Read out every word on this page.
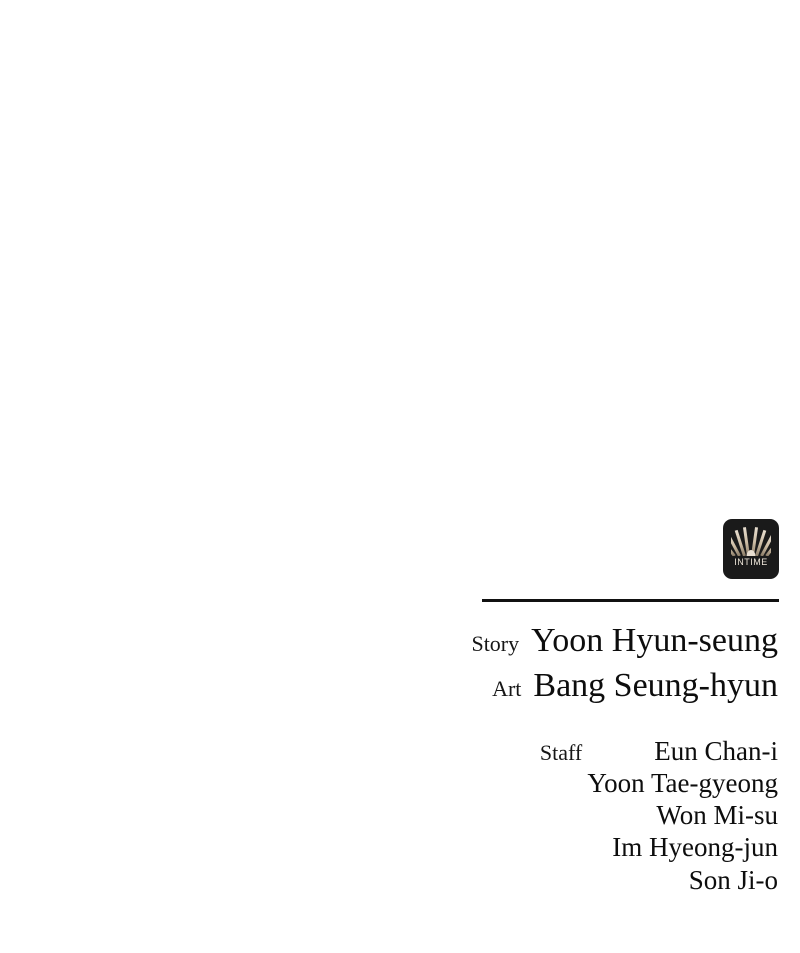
INTIME
Story Yoon Hyun-seung
Art Bang Seung-hyun
Staff	Eun Chan-i
Yoon Tae-gyeong
Won Mi-su
Im Hyeong-jun
Son Ji-o
